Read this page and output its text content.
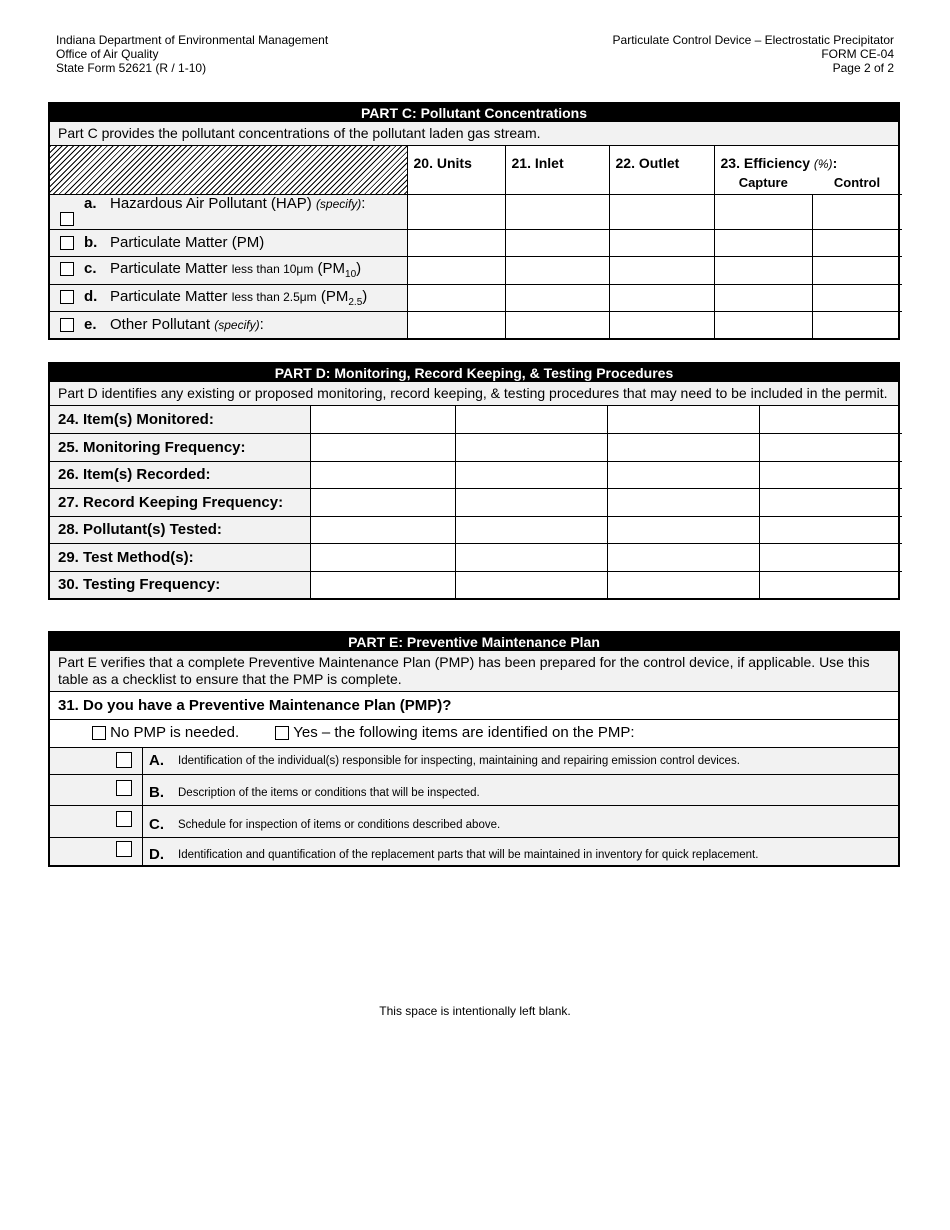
Indiana Department of Environmental Management
Office of Air Quality
State Form 52621 (R / 1-10)
Particulate Control Device – Electrostatic Precipitator
FORM CE-04
Page 2 of 2
PART C: Pollutant Concentrations
Part C provides the pollutant concentrations of the pollutant laden gas stream.
	20. Units	21. Inlet	22. Outlet	23. Efficiency (%):	
				Capture	Control
a. Hazardous Air Pollutant (HAP) (specify):					
b. Particulate Matter (PM)					
c. Particulate Matter less than 10μm $(PM_{10})$					
d. Particulate Matter less than 2.5μm $(PM_{2.5})$					
e. Other Pollutant (specify):					
PART D: Monitoring, Record Keeping, & Testing Procedures
Part D identifies any existing or proposed monitoring, record keeping, & testing procedures that may need to be included in the permit.
24. Item(s) Monitored:				
25. Monitoring Frequency:				
26. Item(s) Recorded:				
27. Record Keeping Frequency:				
28. Pollutant(s) Tested:				
29. Test Method(s):				
30. Testing Frequency:				
PART E: Preventive Maintenance Plan
Part E verifies that a complete Preventive Maintenance Plan (PMP) has been prepared for the control device, if applicable. Use this table as a checklist to ensure that the PMP is complete.
31. Do you have a Preventive Maintenance Plan (PMP)?
No PMP is needed.	Yes – the following items are identified on the PMP:
A. Identification of the individual(s) responsible for inspecting, maintaining and repairing emission control devices.
B. Description of the items or conditions that will be inspected.
C. Schedule for inspection of items or conditions described above.
D. Identification and quantification of the replacement parts that will be maintained in inventory for quick replacement.
This space is intentionally left blank.
